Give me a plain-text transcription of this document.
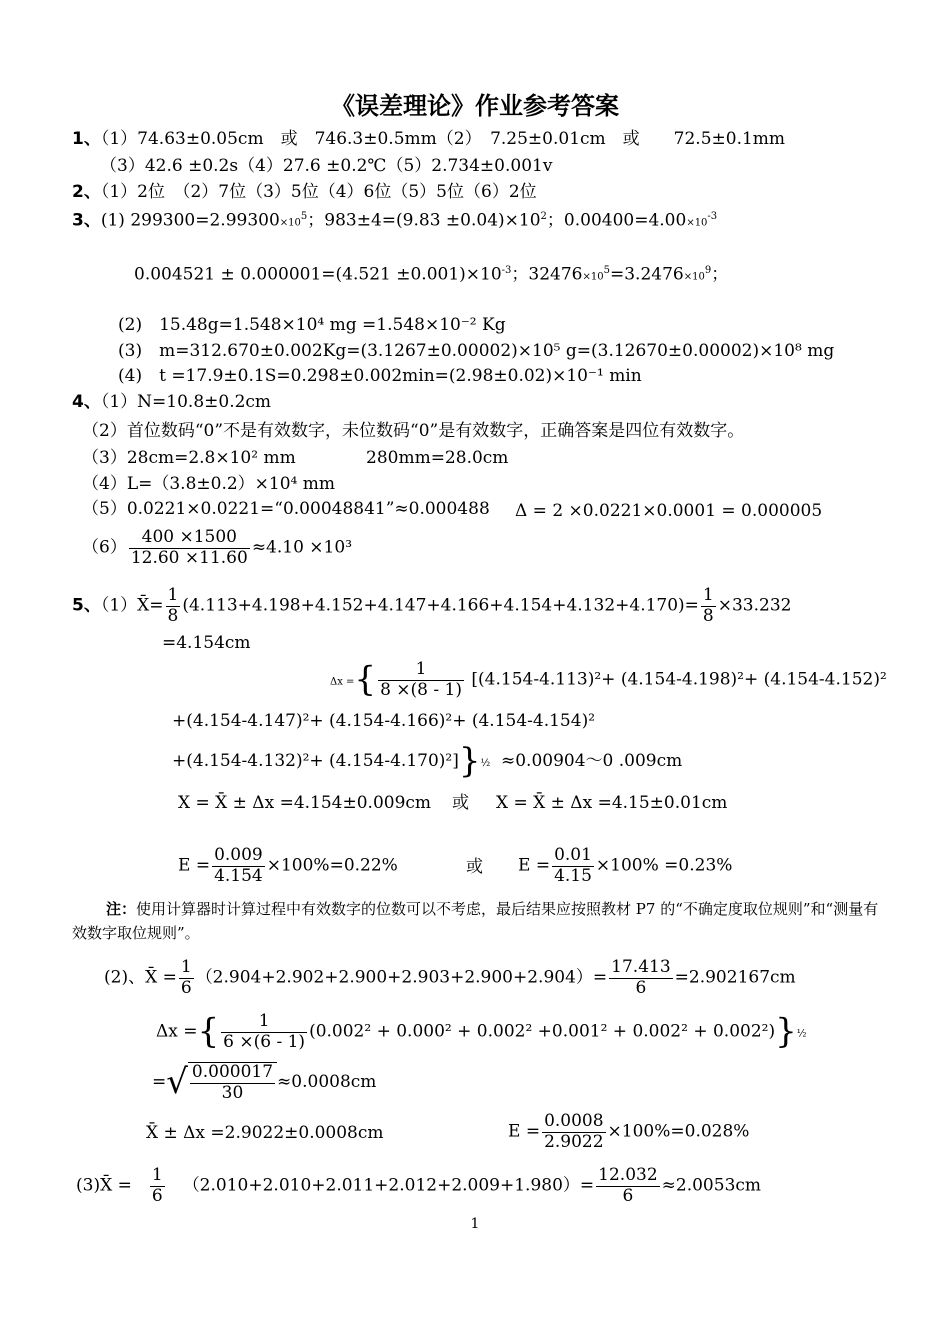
《误差理论》作业参考答案
1、（1）74.63±0.05cm　或　746.3±0.5mm（2）　7.25±0.01cm　或　　72.5±0.1mm
（3）42.6 ±0.2s（4）27.6 ±0.2℃（5）2.734±0.001v
2、（1）2位　（2）7位（3）5位（4）6位（5）5位（6）2位
3、(1) $299300=2.99300\times 10^5$；$983\pm 4=(9.83 \pm 0.04)\times 10^2$；$0.00400=4.00\times 10^{-3}$
$0.004521 \pm 0.000001=(4.521 \pm 0.001)\times 10^{-3}$；$32476\times 10^5=3.2476\times 10^9$；
(2)　15.48g=1.548×10⁴ mg =1.548×10⁻² Kg
(3)　m=312.670±0.002Kg=(3.1267±0.00002)×10⁵ g=(3.12670±0.00002)×10⁸ mg
(4)　t =17.9±0.1S=0.298±0.002min=(2.98±0.02)×10⁻¹ min
4、（1）N=10.8±0.2cm
（2）首位数码“0”不是有效数字，未位数码“0”是有效数字，正确答案是四位有效数字。
（3）28cm=2.8×10² mm	280mm=28.0cm
（4）L=（3.8±0.2）×10⁴ mm
（5）0.0221×0.0221=“0.00048841”≈0.000488 Δ = 2 ×0.0221×0.0001 = 0.000005
$(6) \frac{400 \times 1500}{12.60 \times 11.60} \approx 4.10 \times 10^3$
5、（1）X̄= $\frac{1}{8} (4.113+4.198+4.152+4.147+4.166+4.154+4.132+4.170)= \frac{1}{8} \times 33.232$
=4.154cm
Δx ={ $\frac{1}{8 \times(8 - 1)} [(4.154-4.113)^2+ (4.154-4.198)^2+ (4.154-4.152)^2$
+(4.154-4.147)²+ (4.154-4.166)²+ (4.154-4.154)²
+(4.154-4.132)²+ (4.154-4.170)²]}½ ≈0.00904～0 .009cm
X = X̄ ± Δx =4.154±0.009cm 或 X = X̄ ± Δx =4.15±0.01cm
$E = \frac{0.009}{4.154} \times 100\%=0.22\%$	或 $E = \frac{0.01}{4.15} \times 100\% =0.23\%$
注：使用计算器时计算过程中有效数字的位数可以不考虑，最后结果应按照教材 P7 的“不确定度取位规则”和“测量有效数字取位规则”。
(2)、X̄ = $\frac{1}{6} (2.904+2.902+2.900+2.903+2.900+2.904)= \frac{17.413}{6} =2.902167cm$
Δx ={ $\frac{1}{6 \times(6 - 1)} (0.002^2 + 0.000^2 + 0.002^2 +0.001^2 + 0.002^2$ + 0.002²)}½
=√ $\frac{0.000017}{30} \approx 0.0008cm$
X̄ ± Δx =2.9022±0.0008cm	$E = \frac{0.0008}{2.9022} \times 100\%=0.028\%$
(3)X̄ = $\frac{1}{6} (2.010+2.010+2.011+2.012+2.009+1.980)= \frac{12.032}{6} \approx 2.0053cm$
1
